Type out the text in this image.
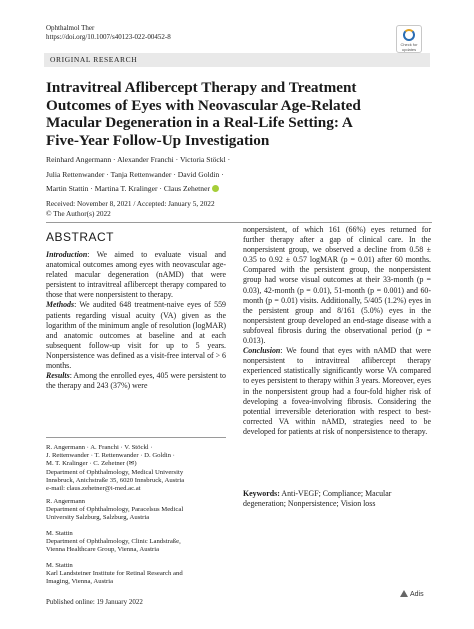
Ophthalmol Ther
https://doi.org/10.1007/s40123-022-00452-8
Check for
updates
ORIGINAL RESEARCH
Intravitreal Aflibercept Therapy and Treatment Outcomes of Eyes with Neovascular Age-Related Macular Degeneration in a Real-Life Setting: A Five-Year Follow-Up Investigation
Reinhard Angermann · Alexander Franchi · Victoria Stöckl ·
Julia Rettenwander · Tanja Rettenwander · David Goldin ·
Martin Stattin · Martina T. Kralinger · Claus Zehetner
Received: November 8, 2021 / Accepted: January 5, 2022
© The Author(s) 2022
ABSTRACT

Introduction: We aimed to evaluate visual and anatomical outcomes among eyes with neovascular age-related macular degeneration (nAMD) that were persistent to intravitreal aflibercept therapy compared to those that were nonpersistent to therapy.

Methods: We audited 648 treatment-naive eyes of 559 patients regarding visual acuity (VA) given as the logarithm of the minimum angle of resolution (logMAR) and anatomic outcomes at baseline and at each subsequent follow-up visit for up to 5 years. Nonpersistence was defined as a visit-free interval of > 6 months.

Results: Among the enrolled eyes, 405 were persistent to the therapy and 243 (37%) were

R. Angermann · A. Franchi · V. Stöckl ·

J. Rettenwander · T. Rettenwander · D. Goldin ·

M. T. Kralinger · C. Zehetner (✉)

Department of Ophthalmology, Medical University

Innsbruck, Anichstraße 35, 6020 Innsbruck, Austria

e-mail: claus.zehetner@i-med.ac.at

R. Angermann

Department of Ophthalmology, Paracelsus Medical

University Salzburg, Salzburg, Austria

M. Stattin

Department of Ophthalmology, Clinic Landstraße,

Vienna Healthcare Group, Vienna, Austria

M. Stattin

Karl Landsteiner Institute for Retinal Research and

Imaging, Vienna, Austria

nonpersistent, of which 161 (66%) eyes returned for further therapy after a gap of clinical care. In the nonpersistent group, we observed a decline from 0.58 ± 0.35 to 0.92 ± 0.57 logMAR (p = 0.01) after 60 months. Compared with the persistent group, the nonpersistent group had worse visual outcomes at their 33-month (p = 0.03), 42-month (p = 0.01), 51-month (p = 0.001) and 60-month (p = 0.01) visits. Additionally, 5/405 (1.2%) eyes in the persistent group and 8/161 (5.0%) eyes in the nonpersistent group developed an end-stage disease with a subfoveal fibrosis during the observational period (p = 0.013).

Conclusion: We found that eyes with nAMD that were nonpersistent to intravitreal aflibercept therapy experienced statistically significantly worse VA compared to eyes persistent to therapy within 3 years. Moreover, eyes in the nonpersistent group had a four-fold higher risk of developing a fovea-involving fibrosis. Considering the potential irreversible deterioration with respect to best-corrected VA within nAMD, strategies need to be developed for patients at risk of nonpersistence to therapy.

Keywords: Anti-VEGF; Compliance; Macular degeneration; Nonpersistence; Vision loss
Published online: 19 January 2022
Adis
